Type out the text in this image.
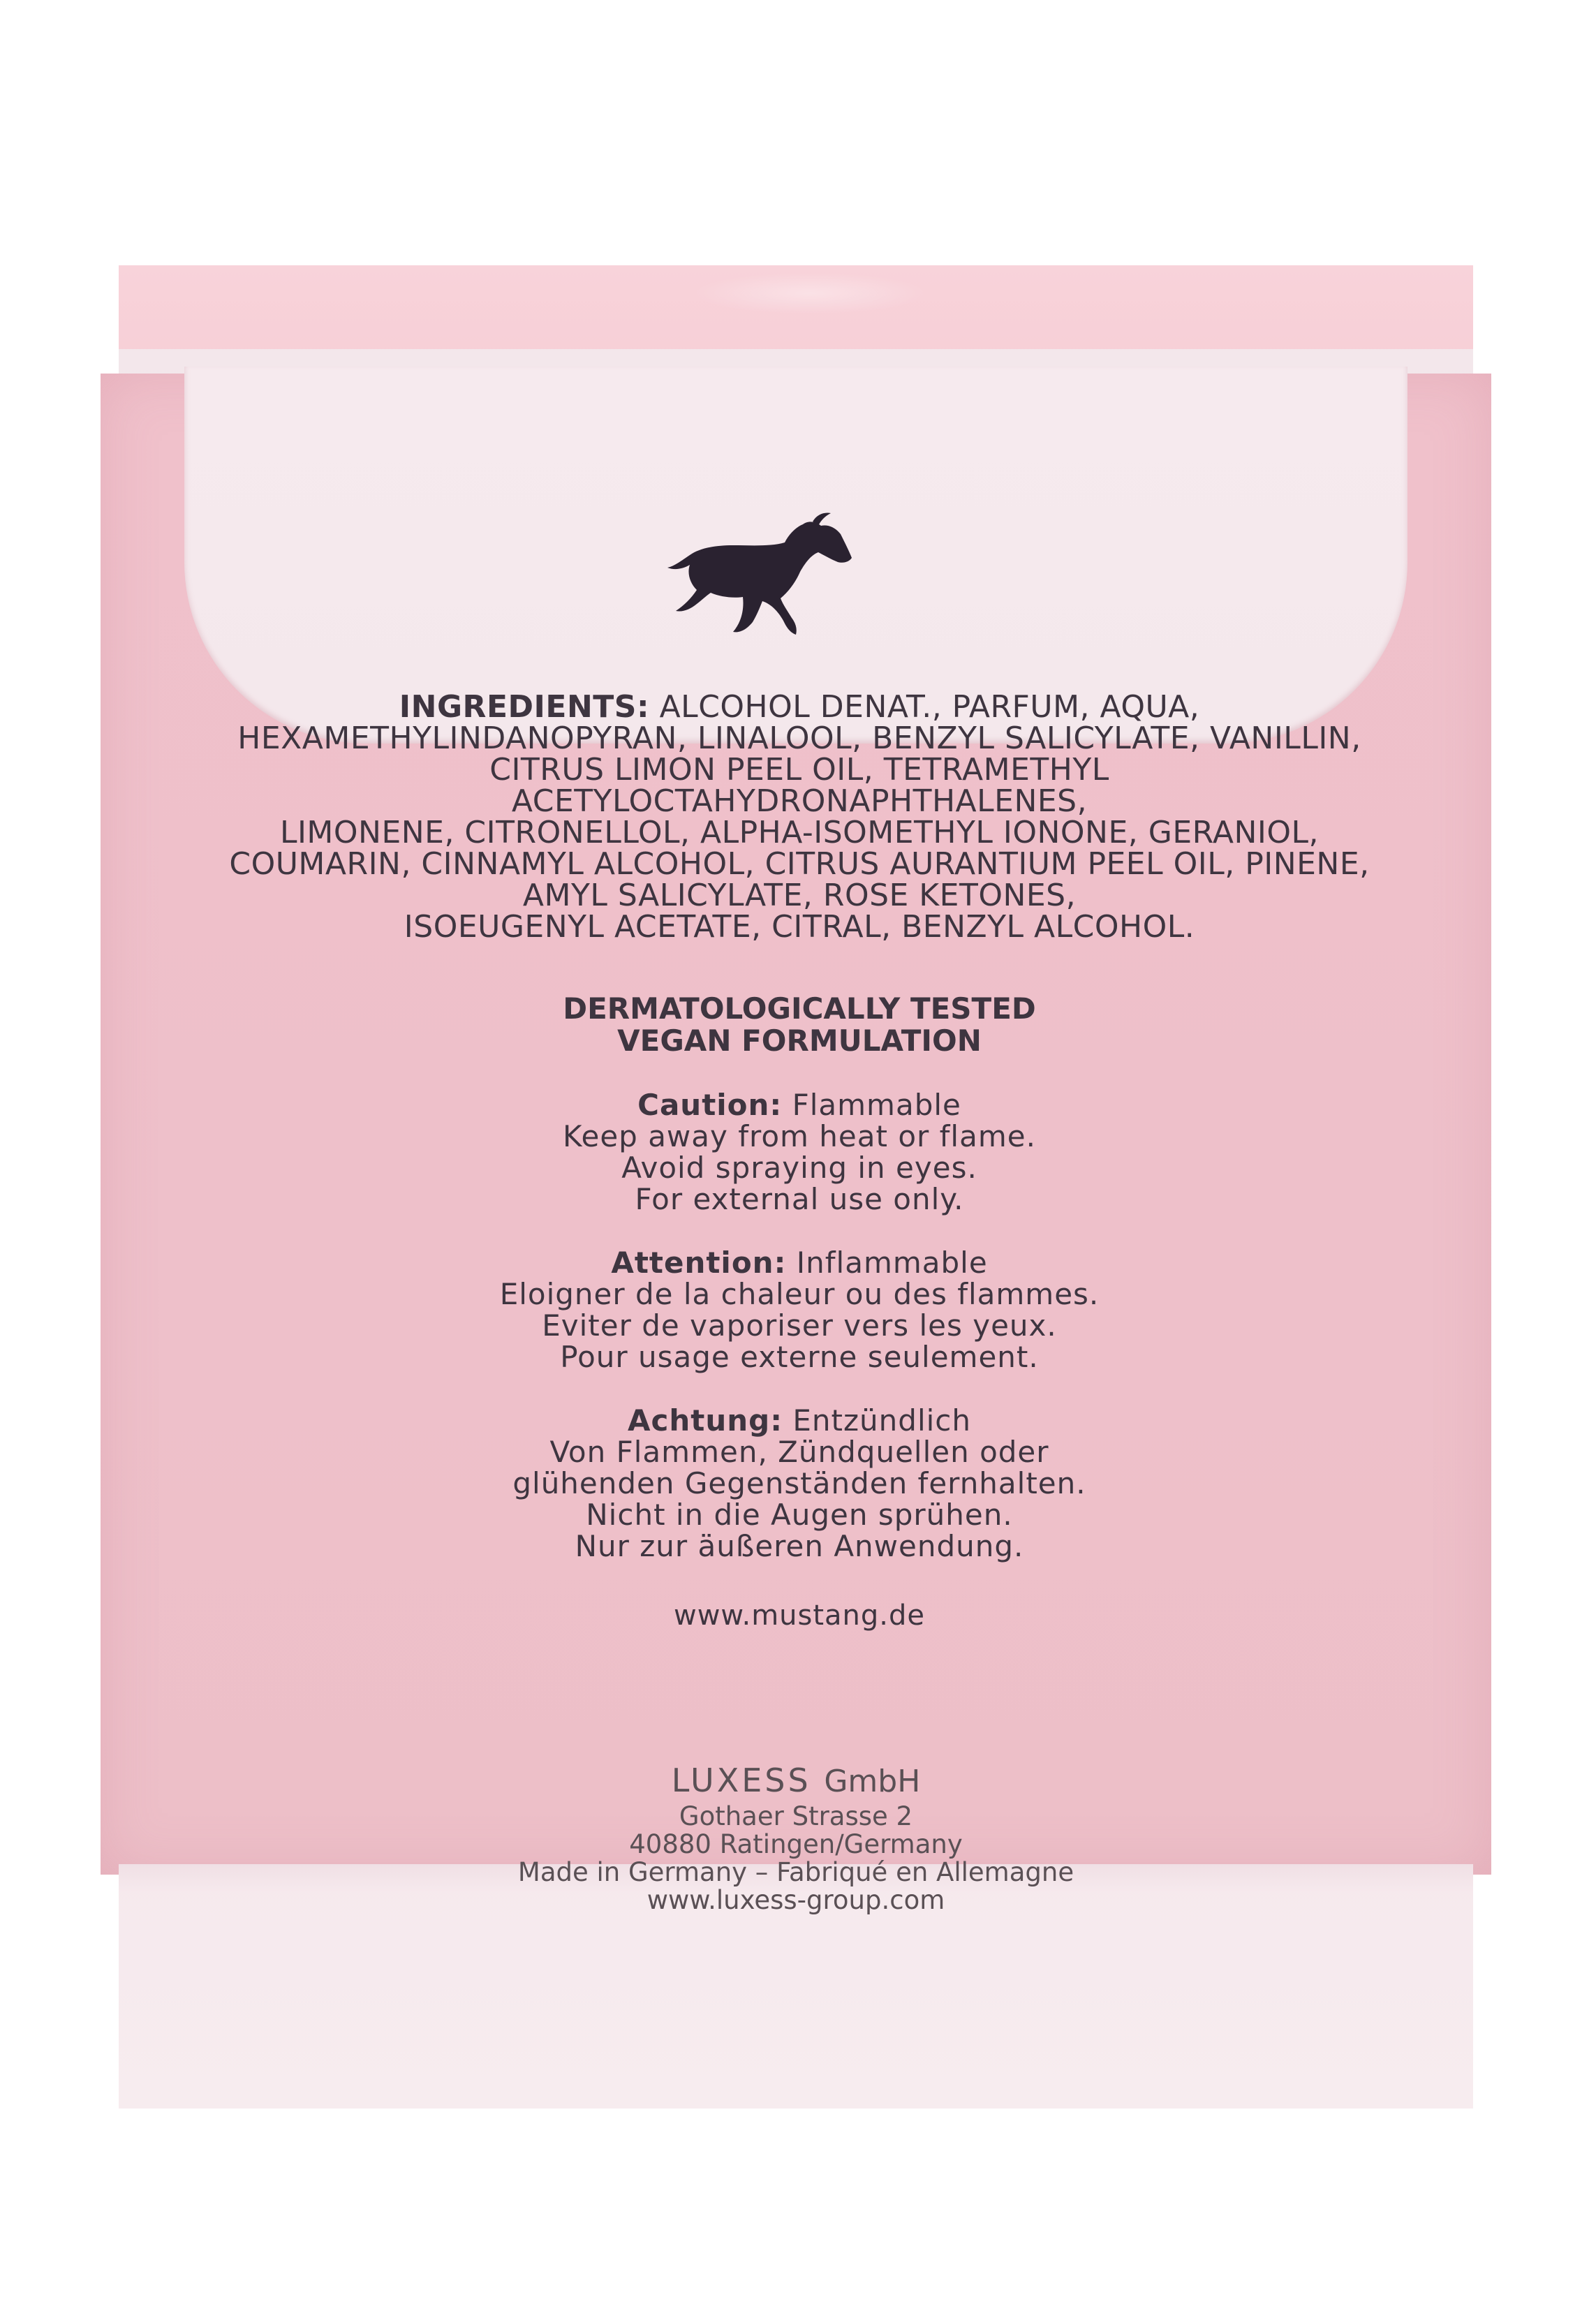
INGREDIENTS: ALCOHOL DENAT., PARFUM, AQUA,
HEXAMETHYLINDANOPYRAN, LINALOOL, BENZYL SALICYLATE, VANILLIN,
CITRUS LIMON PEEL OIL, TETRAMETHYL
ACETYLOCTAHYDRONAPHTHALENES,
LIMONENE, CITRONELLOL, ALPHA-ISOMETHYL IONONE, GERANIOL,
COUMARIN, CINNAMYL ALCOHOL, CITRUS AURANTIUM PEEL OIL, PINENE,
AMYL SALICYLATE, ROSE KETONES,
ISOEUGENYL ACETATE, CITRAL, BENZYL ALCOHOL.
DERMATOLOGICALLY TESTED
VEGAN FORMULATION
Caution: Flammable
Keep away from heat or flame.
Avoid spraying in eyes.
For external use only.
Attention: Inflammable
Eloigner de la chaleur ou des flammes.
Eviter de vaporiser vers les yeux.
Pour usage externe seulement.
Achtung: Entzündlich
Von Flammen, Zündquellen oder
glühenden Gegenständen fernhalten.
Nicht in die Augen sprühen.
Nur zur äußeren Anwendung.
www.mustang.de
LUXESS GmbH
Gothaer Strasse 2
40880 Ratingen/Germany
Made in Germany – Fabriqué en Allemagne
www.luxess-group.com
